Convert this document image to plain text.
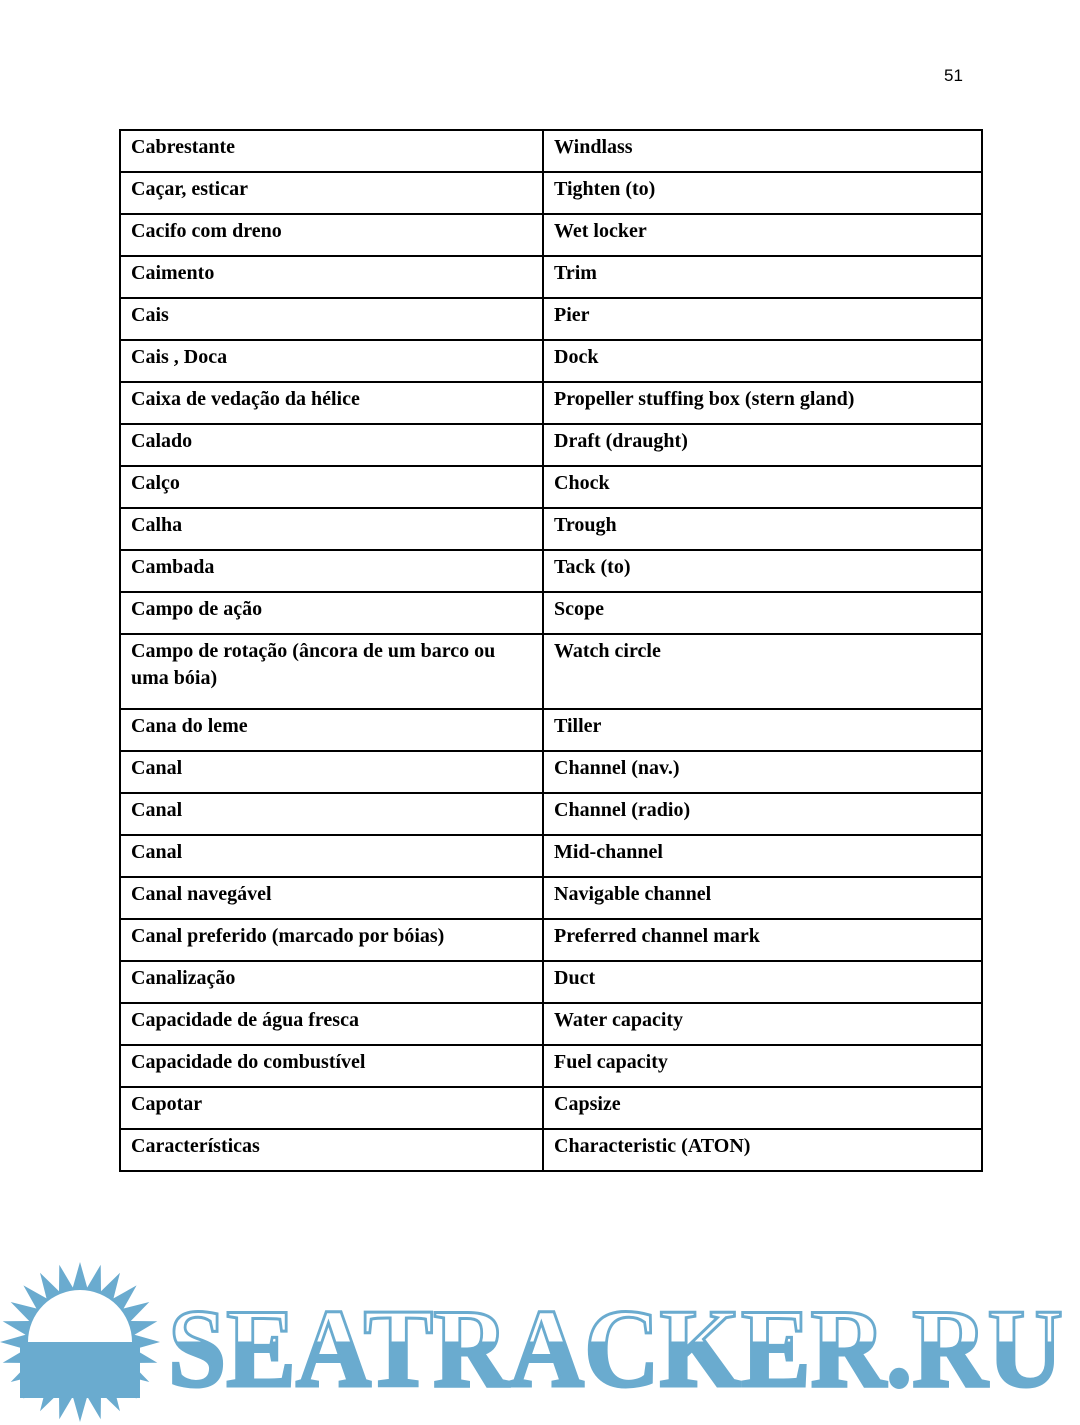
51
Cabrestante	Windlass
Caçar, esticar	Tighten (to)
Cacifo com dreno	Wet locker
Caimento	Trim
Cais	Pier
Cais , Doca	Dock
Caixa de vedação da hélice	Propeller stuffing box (stern gland)
Calado	Draft (draught)
Calço	Chock
Calha	Trough
Cambada	Tack (to)
Campo de ação	Scope
Campo de rotação (âncora de um barco ou uma bóia)	Watch circle
Cana do leme	Tiller
Canal	Channel (nav.)
Canal	Channel (radio)
Canal	Mid-channel
Canal navegável	Navigable channel
Canal preferido (marcado por bóias)	Preferred channel mark
Canalização	Duct
Capacidade de água fresca	Water capacity
Capacidade do combustível	Fuel capacity
Capotar	Capsize
Características	Characteristic (ATON)
SEATRACKER.RU
